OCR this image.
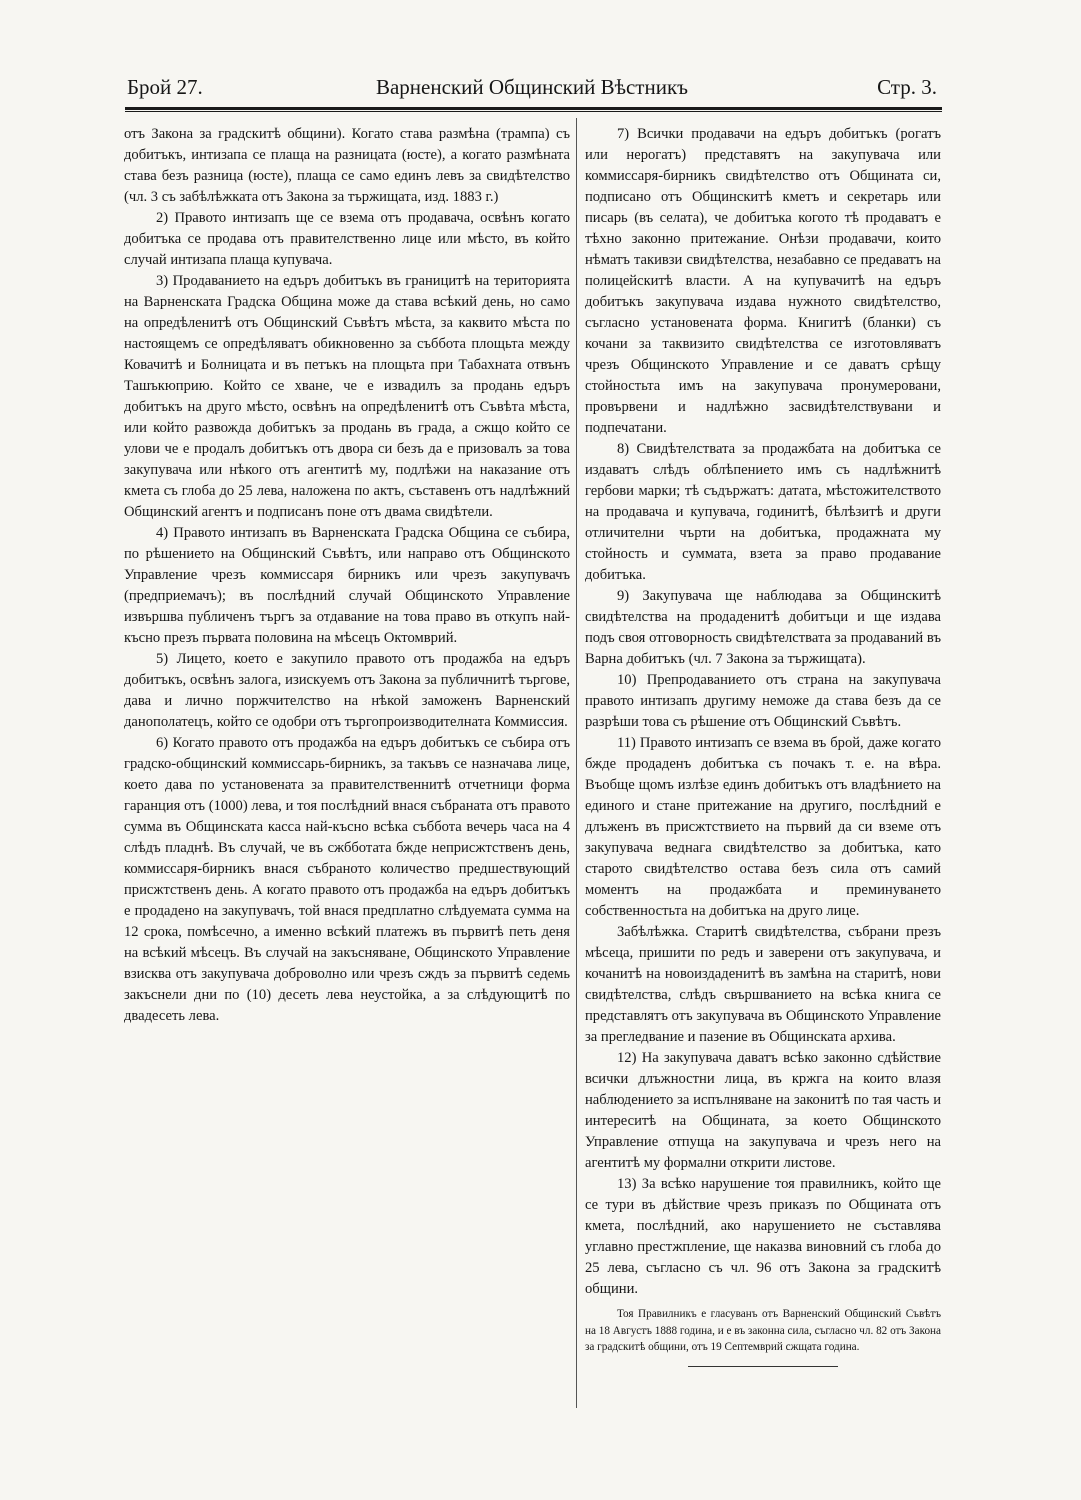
Брой 27.	Варненский Общинский Вѣстникъ	Стр. 3.

отъ Закона за градскитѣ общини). Когато става размѣна (трампа) съ добитъкъ, интизапа се плаща на разницата (юсте), а когато размѣната става безъ разница (юсте), плаща се само единъ левъ за свидѣтелство (чл. 3 съ забѣлѣжката отъ Закона за тържищата, изд. 1883 г.)

2) Правото интизапъ ще се взема отъ продавача, освѣнъ когато добитъка се продава отъ правителственно лице или мѣсто, въ който случай интизапа плаща купувача.

3) Продаванието на едъръ добитъкъ въ границитѣ на територията на Варненската Градска Община може да става всѣкий день, но само на опредѣленитѣ отъ Общинский Съвѣтъ мѣста, за каквито мѣста по настоящемъ се опредѣляватъ обикновенно за съббота площьта между Ковачитѣ и Болницата и въ петъкъ на площьта при Табахната отвънъ Ташъкюприю. Който се хване, че е извадилъ за продань едъръ добитъкъ на друго мѣсто, освѣнъ на опредѣленитѣ отъ Съвѣта мѣста, или който развожда добитъкъ за продань въ града, а сжщо който се улови че е продалъ добитъкъ отъ двора си безъ да е призовалъ за това закупувача или нѣкого отъ агентитѣ му, подлѣжи на наказание отъ кмета съ глоба до 25 лева, наложена по актъ, съставенъ отъ надлѣжний Общинский агентъ и подписанъ поне отъ двама свидѣтели.

4) Правото интизапъ въ Варненската Градска Община се събира, по рѣшението на Общинский Съвѣтъ, или направо отъ Общинското Управление чрезъ коммиссаря бирникъ или чрезъ закупувачъ (предприемачъ); въ послѣдний случай Общинското Управление извършва публиченъ търгъ за отдавание на това право въ откупъ най-късно презъ първата половина на мѣсецъ Октомврий.

5) Лицето, което е закупило правото отъ продажба на едъръ добитъкъ, освѣнъ залога, изискуемъ отъ Закона за публичнитѣ търгове, дава и лично поржчителство на нѣкой заможенъ Варненский данополатецъ, който се одобри отъ търгопроизводителната Коммиссия.

6) Когато правото отъ продажба на едъръ добитъкъ се събира отъ градско-общинский коммиссарь-бирникъ, за такъвъ се назначава лице, което дава по установената за правителственнитѣ отчетници форма гаранция отъ (1000) лева, и тоя послѣдний внася събраната отъ правото сумма въ Общинската касса най-късно всѣка съббота вечерь часа на 4 слѣдъ пладнѣ. Въ случай, че въ сжбботата бжде неприсжтственъ день, коммиссаря-бирникъ внася събраното количество предшествующий присжтственъ день. А когато правото отъ продажба на едъръ добитъкъ е продадено на закупувачъ, той внася предплатно слѣдуемата сумма на 12 срока, помѣсечно, а именно всѣкий платежъ въ първитѣ петь деня на всѣкий мѣсецъ. Въ случай на закъсняване, Общинското Управление взисква отъ закупувача доброволно или чрезъ сждъ за първитѣ седемь закъснели дни по (10) десеть лева неустойка, а за слѣдующитѣ по двадесеть лева.

7) Всички продавачи на едъръ добитъкъ (рогатъ или нерогатъ) представятъ на закупувача или коммиссаря-бирникъ свидѣтелство отъ Общината си, подписано отъ Общинскитѣ кметъ и секретарь или писарь (въ селата), че добитъка когото тѣ продаватъ е тѣхно законно притежание. Онѣзи продавачи, които нѣматъ такивзи свидѣтелства, незабавно се предаватъ на полицейскитѣ власти. А на купувачитѣ на едъръ добитъкъ закупувача издава нужното свидѣтелство, съгласно установената форма. Книгитѣ (бланки) съ кочани за таквизито свидѣтелства се изготовляватъ чрезъ Общинското Управление и се даватъ срѣщу стойностьта имъ на закупувача пронумеровани, провървени и надлѣжно засвидѣтелствувани и подпечатани.

8) Свидѣтелствата за продажбата на добитъка се издаватъ слѣдъ облѣпението имъ съ надлѣжнитѣ гербови марки; тѣ съдържатъ: датата, мѣстожителството на продавача и купувача, годинитѣ, бѣлѣзитѣ и други отличителни чърти на добитъка, продажната му стойность и суммата, взета за право продавание добитъка.

9) Закупувача ще наблюдава за Общинскитѣ свидѣтелства на продаденитѣ добитъци и ще издава подъ своя отговорность свидѣтелствата за продаваний въ Варна добитъкъ (чл. 7 Закона за тържищата).

10) Препродаванието отъ страна на закупувача правото интизапъ другиму неможе да става безъ да се разрѣши това съ рѣшение отъ Общинский Съвѣтъ.

11) Правото интизапъ се взема въ брой, даже когато бжде продаденъ добитъка съ почакъ т. е. на вѣра. Въобще щомъ излѣзе единъ добитъкъ отъ владѣнието на единого и стане притежание на другиго, послѣдний е длъженъ въ присжтствието на първий да си вземе отъ закупувача веднага свидѣтелство за добитъка, като старото свидѣтелство остава безъ сила отъ самий моментъ на продажбата и преминуването собственностьта на добитъка на друго лице.

Забѣлѣжка. Старитѣ свидѣтелства, събрани презъ мѣсеца, пришити по редъ и заверени отъ закупувача, и кочанитѣ на новоиздаденитѣ въ замѣна на старитѣ, нови свидѣтелства, слѣдъ свършванието на всѣка книга се представлятъ отъ закупувача въ Общинското Управление за прегледвание и пазение въ Общинската архива.

12) На закупувача даватъ всѣко законно сдѣйствие всички длъжностни лица, въ кржга на които влазя наблюдението за испълняване на законитѣ по тая часть и интереситѣ на Общината, за което Общинското Управление отпуща на закупувача и чрезъ него на агентитѣ му формални открити листове.

13) За всѣко нарушение тоя правилникъ, който ще се тури въ дѣйствие чрезъ приказъ по Общината отъ кмета, послѣдний, ако нарушението не съставлява углавно престжпление, ще наказва виновний съ глоба до 25 лева, съгласно съ чл. 96 отъ Закона за градскитѣ общини.

Тоя Правилникъ е гласуванъ отъ Варненский Общинский Съвѣтъ на 18 Августъ 1888 година, и е въ законна сила, съгласно чл. 82 отъ Закона за градскитѣ общини, отъ 19 Септемврий сжщата година.
